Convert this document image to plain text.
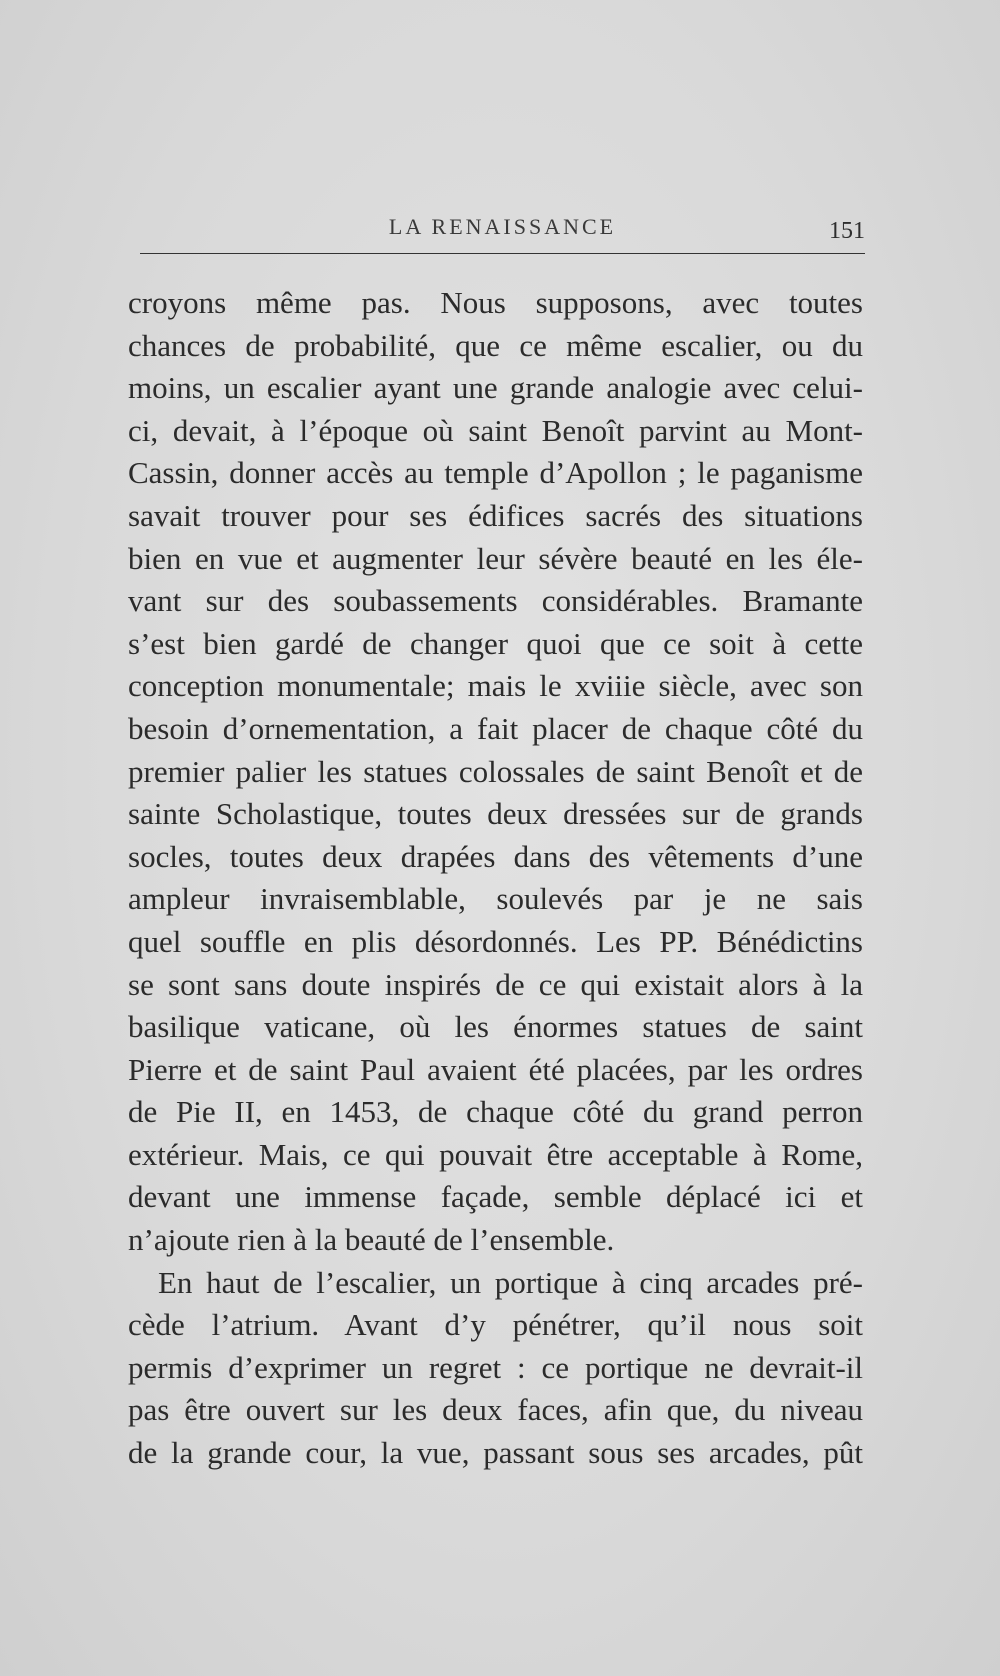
LA RENAISSANCE	151
croyons même pas. Nous supposons, avec toutes
chances de probabilité, que ce même escalier, ou du
moins, un escalier ayant une grande analogie avec celui-
ci, devait, à l’époque où saint Benoît parvint au Mont-
Cassin, donner accès au temple d’Apollon ; le paganisme
savait trouver pour ses édifices sacrés des situations
bien en vue et augmenter leur sévère beauté en les éle-
vant sur des soubassements considérables. Bramante
s’est bien gardé de changer quoi que ce soit à cette
conception monumentale; mais le xviiie siècle, avec son
besoin d’ornementation, a fait placer de chaque côté du
premier palier les statues colossales de saint Benoît et de
sainte Scholastique, toutes deux dressées sur de grands
socles, toutes deux drapées dans des vêtements d’une
ampleur invraisemblable, soulevés par je ne sais
quel souffle en plis désordonnés. Les PP. Bénédictins
se sont sans doute inspirés de ce qui existait alors à la
basilique vaticane, où les énormes statues de saint
Pierre et de saint Paul avaient été placées, par les ordres
de Pie II, en 1453, de chaque côté du grand perron
extérieur. Mais, ce qui pouvait être acceptable à Rome,
devant une immense façade, semble déplacé ici et
n’ajoute rien à la beauté de l’ensemble.
En haut de l’escalier, un portique à cinq arcades pré-
cède l’atrium. Avant d’y pénétrer, qu’il nous soit
permis d’exprimer un regret : ce portique ne devrait-il
pas être ouvert sur les deux faces, afin que, du niveau
de la grande cour, la vue, passant sous ses arcades, pût
